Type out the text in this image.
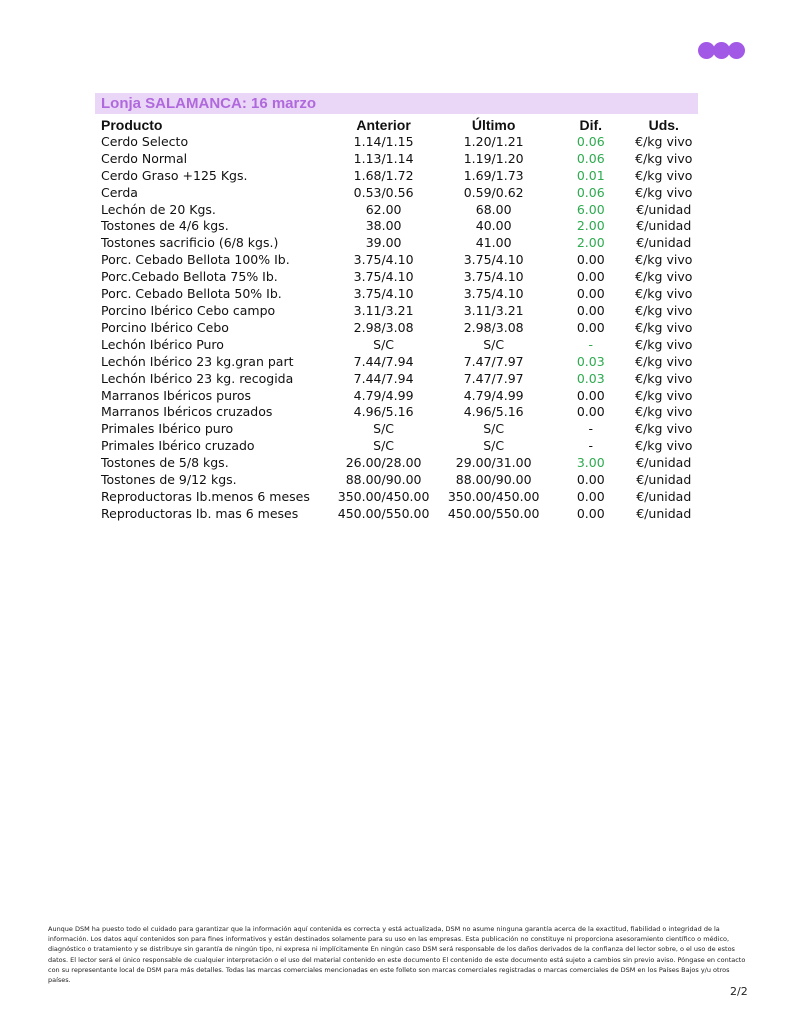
Lonja SALAMANCA: 16 marzo
Producto	Anterior	Último	Dif.	Uds.
Cerdo Selecto	1.14/1.15	1.20/1.21	0.06	€/kg vivo
Cerdo Normal	1.13/1.14	1.19/1.20	0.06	€/kg vivo
Cerdo Graso +125 Kgs.	1.68/1.72	1.69/1.73	0.01	€/kg vivo
Cerda	0.53/0.56	0.59/0.62	0.06	€/kg vivo
Lechón de 20 Kgs.	62.00	68.00	6.00	€/unidad
Tostones de 4/6 kgs.	38.00	40.00	2.00	€/unidad
Tostones sacrificio (6/8 kgs.)	39.00	41.00	2.00	€/unidad
Porc. Cebado Bellota 100% Ib.	3.75/4.10	3.75/4.10	0.00	€/kg vivo
Porc.Cebado Bellota 75% Ib.	3.75/4.10	3.75/4.10	0.00	€/kg vivo
Porc. Cebado Bellota 50% Ib.	3.75/4.10	3.75/4.10	0.00	€/kg vivo
Porcino Ibérico Cebo campo	3.11/3.21	3.11/3.21	0.00	€/kg vivo
Porcino Ibérico Cebo	2.98/3.08	2.98/3.08	0.00	€/kg vivo
Lechón Ibérico Puro	S/C	S/C	-	€/kg vivo
Lechón Ibérico 23 kg.gran part	7.44/7.94	7.47/7.97	0.03	€/kg vivo
Lechón Ibérico 23 kg. recogida	7.44/7.94	7.47/7.97	0.03	€/kg vivo
Marranos Ibéricos puros	4.79/4.99	4.79/4.99	0.00	€/kg vivo
Marranos Ibéricos cruzados	4.96/5.16	4.96/5.16	0.00	€/kg vivo
Primales Ibérico puro	S/C	S/C	-	€/kg vivo
Primales Ibérico cruzado	S/C	S/C	-	€/kg vivo
Tostones de 5/8 kgs.	26.00/28.00	29.00/31.00	3.00	€/unidad
Tostones de 9/12 kgs.	88.00/90.00	88.00/90.00	0.00	€/unidad
Reproductoras Ib.menos 6 meses	350.00/450.00	350.00/450.00	0.00	€/unidad
Reproductoras Ib. mas 6 meses	450.00/550.00	450.00/550.00	0.00	€/unidad
Aunque DSM ha puesto todo el cuidado para garantizar que la información aquí contenida es correcta y está actualizada, DSM no asume ninguna garantía acerca de la exactitud, fiabilidad o integridad de la información. Los datos aquí contenidos son para fines informativos y están destinados solamente para su uso en las empresas. Esta publicación no constituye ni proporciona asesoramiento científico o médico, diagnóstico o tratamiento y se distribuye sin garantía de ningún tipo, ni expresa ni implícitamente En ningún caso DSM será responsable de los daños derivados de la confianza del lector sobre, o el uso de estos datos. El lector será el único responsable de cualquier interpretación o el uso del material contenido en este documento El contenido de este documento está sujeto a cambios sin previo aviso. Póngase en contacto con su representante local de DSM para más detalles. Todas las marcas comerciales mencionadas en este folleto son marcas comerciales registradas o marcas comerciales de DSM en los Países Bajos y/u otros países.
2/2
